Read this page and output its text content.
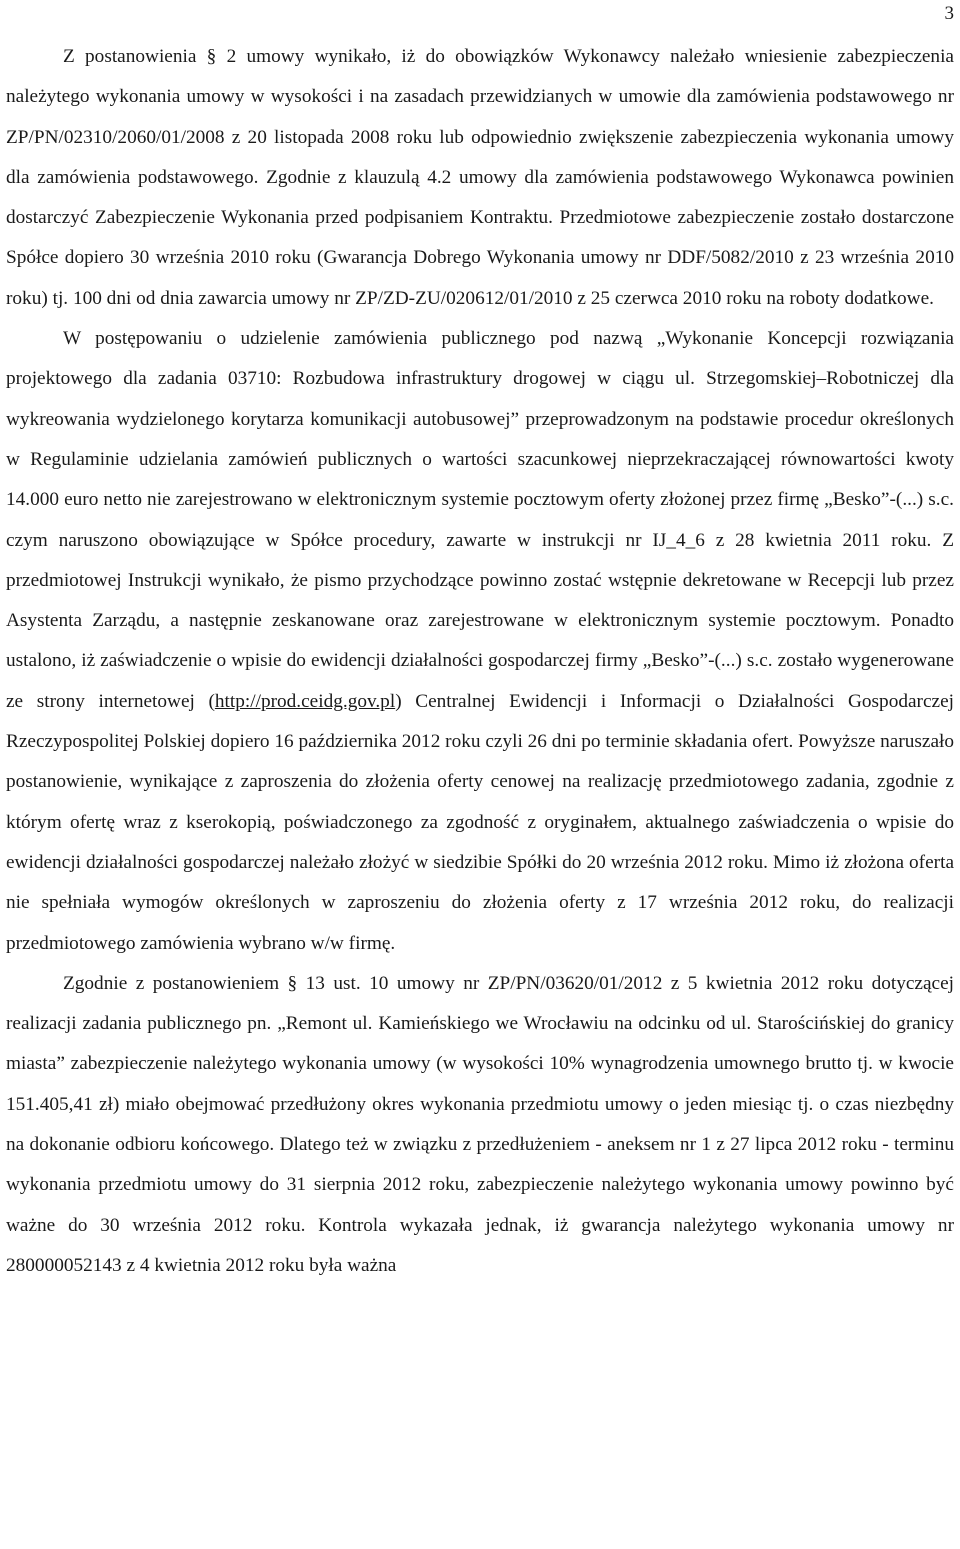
3

Z postanowienia § 2 umowy wynikało, iż do obowiązków Wykonawcy należało wniesienie zabezpieczenia należytego wykonania umowy w wysokości i na zasadach przewidzianych w umowie dla zamówienia podstawowego nr ZP/PN/02310/2060/01/2008 z 20 listopada 2008 roku lub odpowiednio zwiększenie zabezpieczenia wykonania umowy dla zamówienia podstawowego. Zgodnie z klauzulą 4.2 umowy dla zamówienia podstawowego Wykonawca powinien dostarczyć Zabezpieczenie Wykonania przed podpisaniem Kontraktu. Przedmiotowe zabezpieczenie zostało dostarczone Spółce dopiero 30 września 2010 roku (Gwarancja Dobrego Wykonania umowy nr DDF/5082/2010 z 23 września 2010 roku) tj. 100 dni od dnia zawarcia umowy nr ZP/ZD-ZU/020612/01/2010 z 25 czerwca 2010 roku na roboty dodatkowe.

W postępowaniu o udzielenie zamówienia publicznego pod nazwą „Wykonanie Koncepcji rozwiązania projektowego dla zadania 03710: Rozbudowa infrastruktury drogowej w ciągu ul. Strzegomskiej–Robotniczej dla wykreowania wydzielonego korytarza komunikacji autobusowej” przeprowadzonym na podstawie procedur określonych w Regulaminie udzielania zamówień publicznych o wartości szacunkowej nieprzekraczającej równowartości kwoty 14.000 euro netto nie zarejestrowano w elektronicznym systemie pocztowym oferty złożonej przez firmę „Besko”-(...) s.c. czym naruszono obowiązujące w Spółce procedury, zawarte w instrukcji nr IJ_4_6 z 28 kwietnia 2011 roku. Z przedmiotowej Instrukcji wynikało, że pismo przychodzące powinno zostać wstępnie dekretowane w Recepcji lub przez Asystenta Zarządu, a następnie zeskanowane oraz zarejestrowane w elektronicznym systemie pocztowym. Ponadto ustalono, iż zaświadczenie o wpisie do ewidencji działalności gospodarczej firmy „Besko”-(...) s.c. zostało wygenerowane ze strony internetowej (http://prod.ceidg.gov.pl) Centralnej Ewidencji i Informacji o Działalności Gospodarczej Rzeczypospolitej Polskiej dopiero 16 października 2012 roku czyli 26 dni po terminie składania ofert. Powyższe naruszało postanowienie, wynikające z zaproszenia do złożenia oferty cenowej na realizację przedmiotowego zadania, zgodnie z którym ofertę wraz z kserokopią, poświadczonego za zgodność z oryginałem, aktualnego zaświadczenia o wpisie do ewidencji działalności gospodarczej należało złożyć w siedzibie Spółki do 20 września 2012 roku. Mimo iż złożona oferta nie spełniała wymogów określonych w zaproszeniu do złożenia oferty z 17 września 2012 roku, do realizacji przedmiotowego zamówienia wybrano w/w firmę.

Zgodnie z postanowieniem § 13 ust. 10 umowy nr ZP/PN/03620/01/2012 z 5 kwietnia 2012 roku dotyczącej realizacji zadania publicznego pn. „Remont ul. Kamieńskiego we Wrocławiu na odcinku od ul. Starościńskiej do granicy miasta” zabezpieczenie należytego wykonania umowy (w wysokości 10% wynagrodzenia umownego brutto tj. w kwocie 151.405,41 zł) miało obejmować przedłużony okres wykonania przedmiotu umowy o jeden miesiąc tj. o czas niezbędny na dokonanie odbioru końcowego. Dlatego też w związku z przedłużeniem - aneksem nr 1 z 27 lipca 2012 roku - terminu wykonania przedmiotu umowy do 31 sierpnia 2012 roku, zabezpieczenie należytego wykonania umowy powinno być ważne do 30 września 2012 roku. Kontrola wykazała jednak, iż gwarancja należytego wykonania umowy nr 280000052143 z 4 kwietnia 2012 roku była ważna
